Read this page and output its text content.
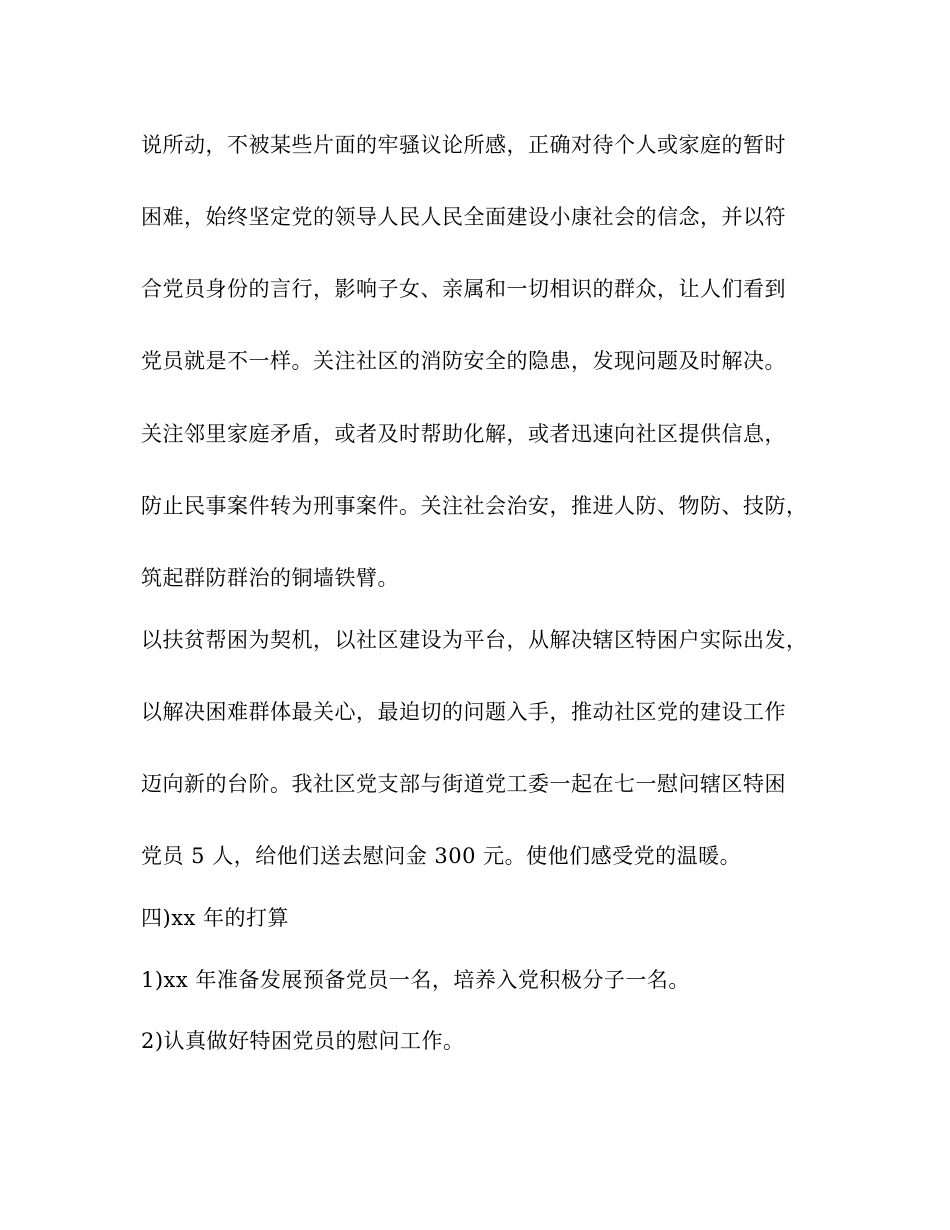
说所动，不被某些片面的牢骚议论所感，正确对待个人或家庭的暂时
困难，始终坚定党的领导人民人民全面建设小康社会的信念，并以符
合党员身份的言行，影响子女、亲属和一切相识的群众，让人们看到
党员就是不一样。关注社区的消防安全的隐患，发现问题及时解决。
关注邻里家庭矛盾，或者及时帮助化解，或者迅速向社区提供信息，
防止民事案件转为刑事案件。关注社会治安，推进人防、物防、技防，
筑起群防群治的铜墙铁臂。
以扶贫帮困为契机，以社区建设为平台，从解决辖区特困户实际出发，
以解决困难群体最关心，最迫切的问题入手，推动社区党的建设工作
迈向新的台阶。我社区党支部与街道党工委一起在七一慰问辖区特困
党员 5 人，给他们送去慰问金 300 元。使他们感受党的温暖。
四)xx 年的打算
1)xx 年准备发展预备党员一名，培养入党积极分子一名。
2)认真做好特困党员的慰问工作。
